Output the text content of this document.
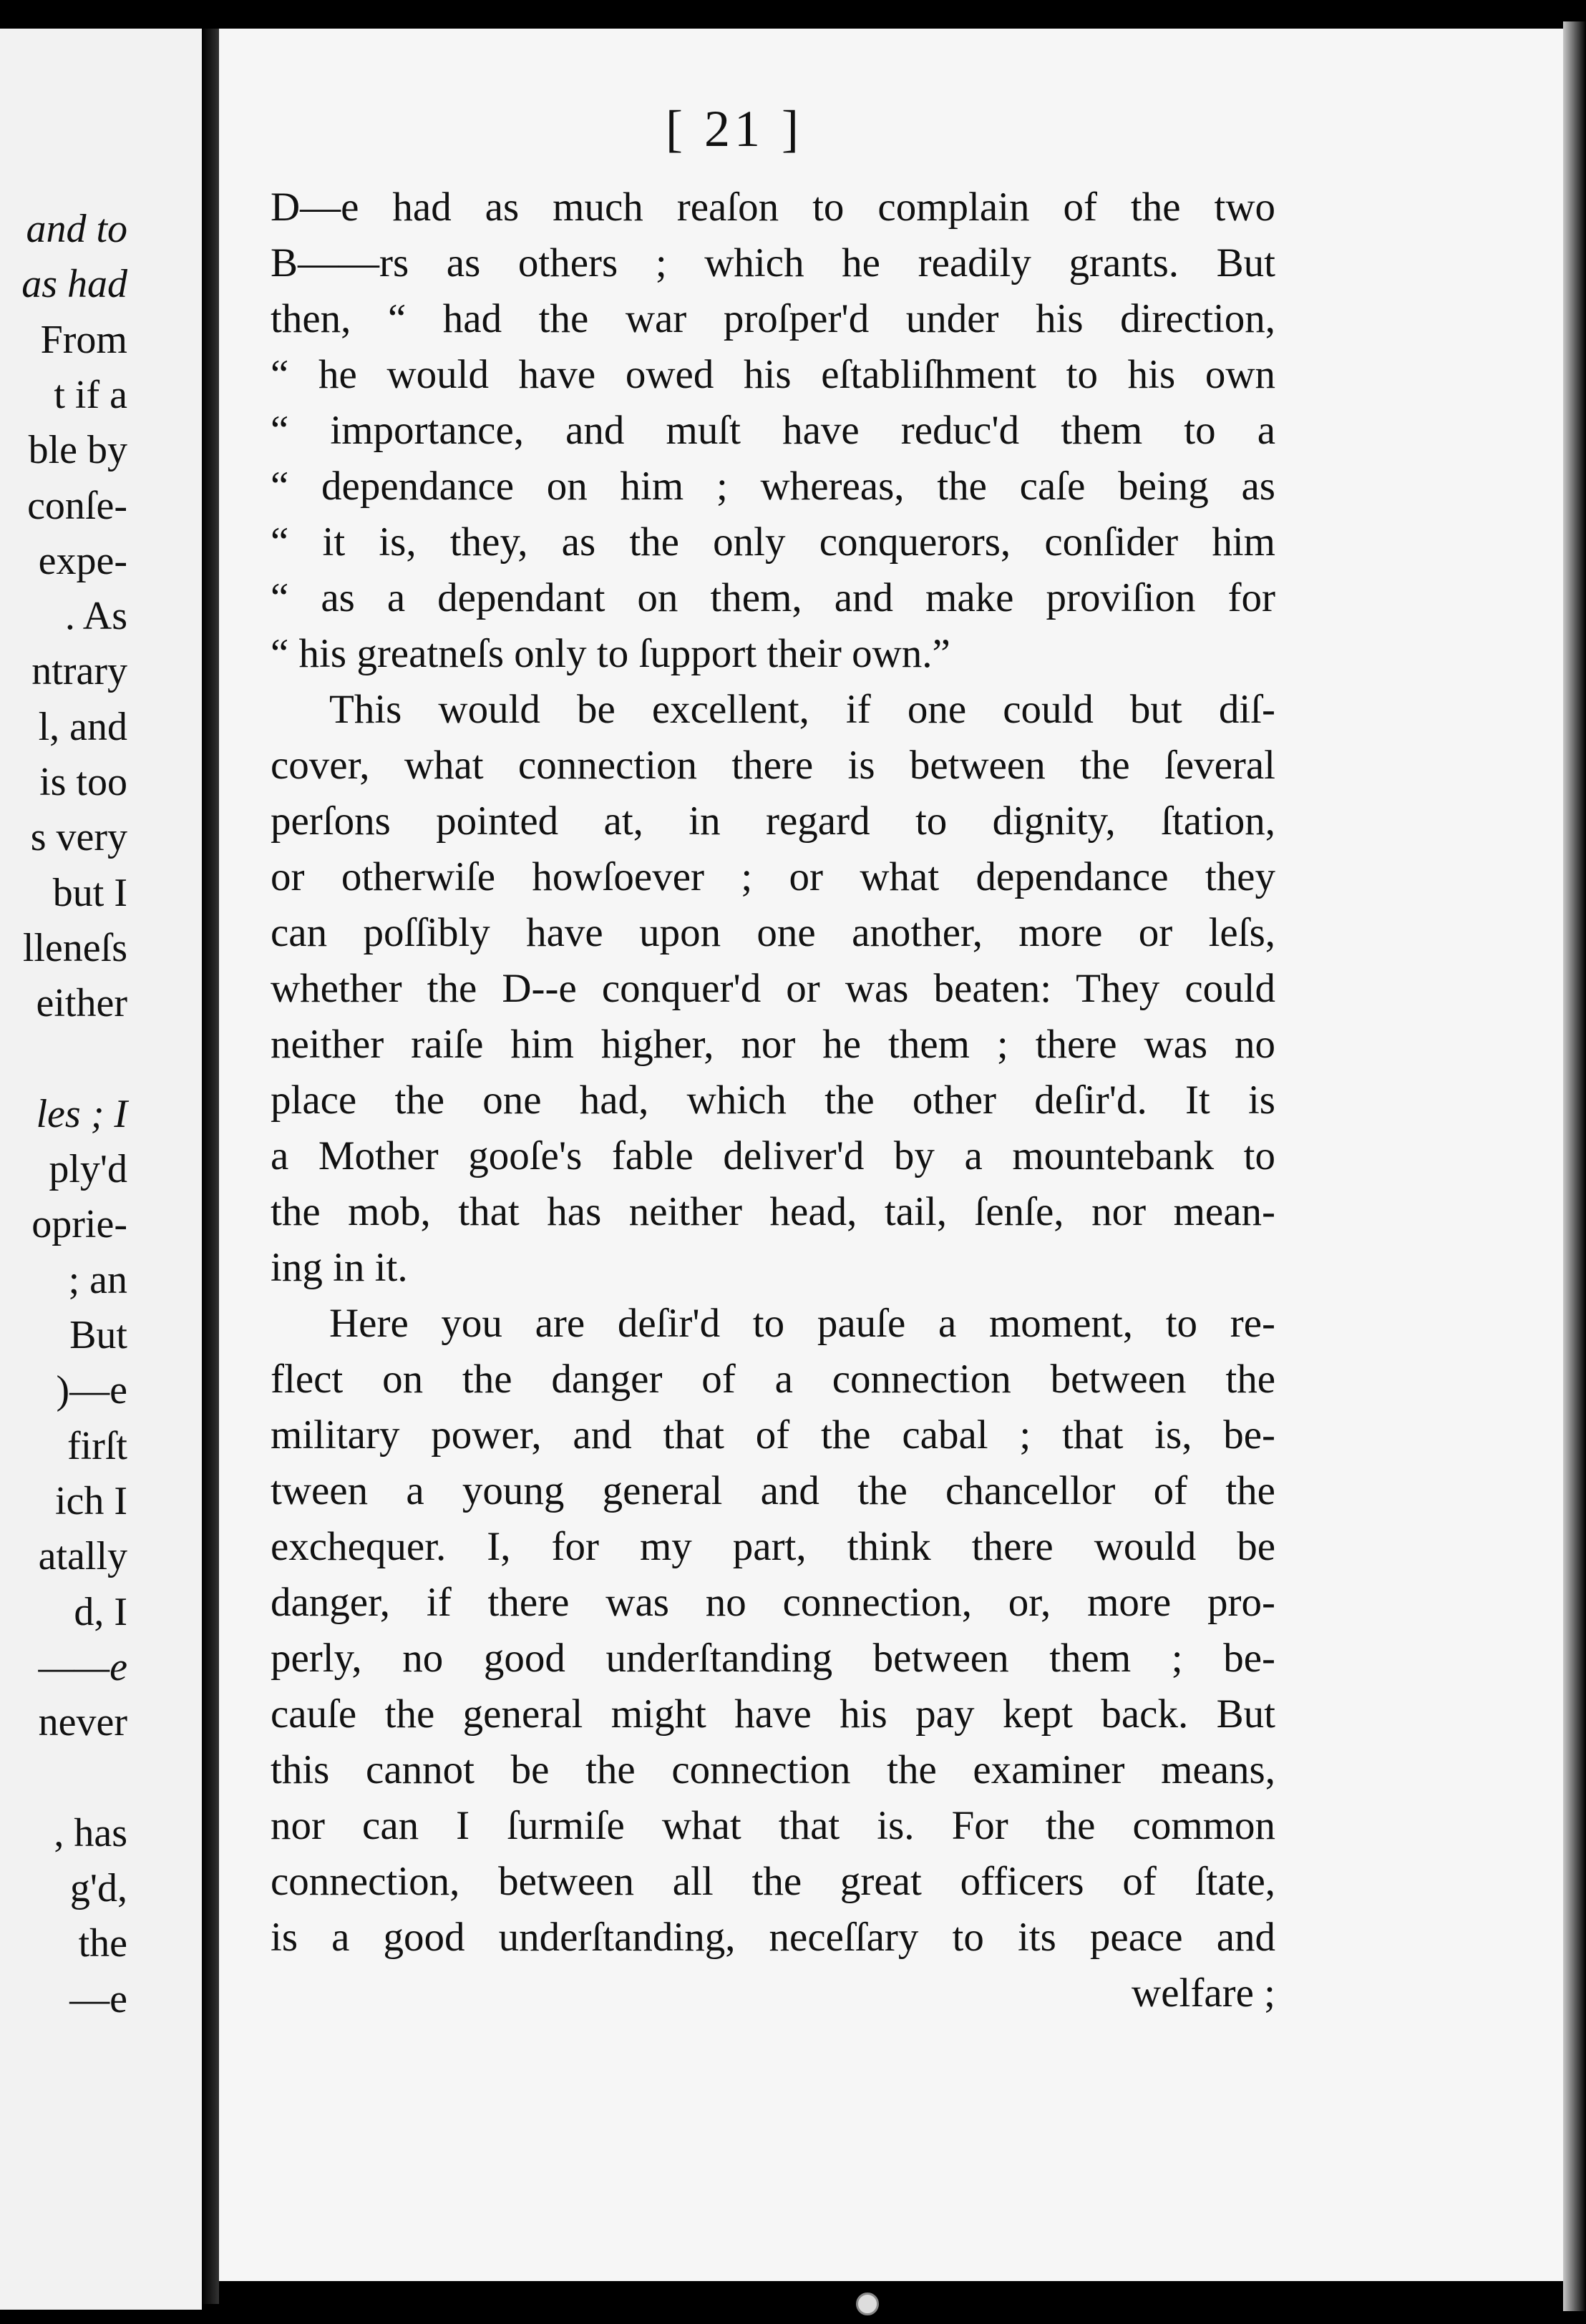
and to
as had
From
t if a
ble by
conſe-
expe-
. As
ntrary
l, and
is too
s very
but I
lleneſs
either
les ; I
ply'd
oprie-
; an
But
)—e
firſt
ich I
atally
d, I
——e
never
, has
g'd,
the
—e
[ 21 ]
D—e had as much reaſon to complain of the two
B——rs as others ; which he readily grants. But
then, “ had the war proſper'd under his direction,
“ he would have owed his eſtabliſhment to his own
“ importance, and muſt have reduc'd them to a
“ dependance on him ; whereas, the caſe being as
“ it is, they, as the only conquerors, conſider him
“ as a dependant on them, and make proviſion for
“ his greatneſs only to ſupport their own.”
This would be excellent, if one could but diſ-
cover, what connection there is between the ſeveral
perſons pointed at, in regard to dignity, ſtation,
or otherwiſe howſoever ; or what dependance they
can poſſibly have upon one another, more or leſs,
whether the D--e conquer'd or was beaten: They could
neither raiſe him higher, nor he them ; there was no
place the one had, which the other deſir'd. It is
a Mother gooſe's fable deliver'd by a mountebank to
the mob, that has neither head, tail, ſenſe, nor mean-
ing in it.
Here you are deſir'd to pauſe a moment, to re-
flect on the danger of a connection between the
military power, and that of the cabal ; that is, be-
tween a young general and the chancellor of the
exchequer. I, for my part, think there would be
danger, if there was no connection, or, more pro-
perly, no good underſtanding between them ; be-
cauſe the general might have his pay kept back. But
this cannot be the connection the examiner means,
nor can I ſurmiſe what that is. For the common
connection, between all the great officers of ſtate,
is a good underſtanding, neceſſary to its peace and
welfare ;
